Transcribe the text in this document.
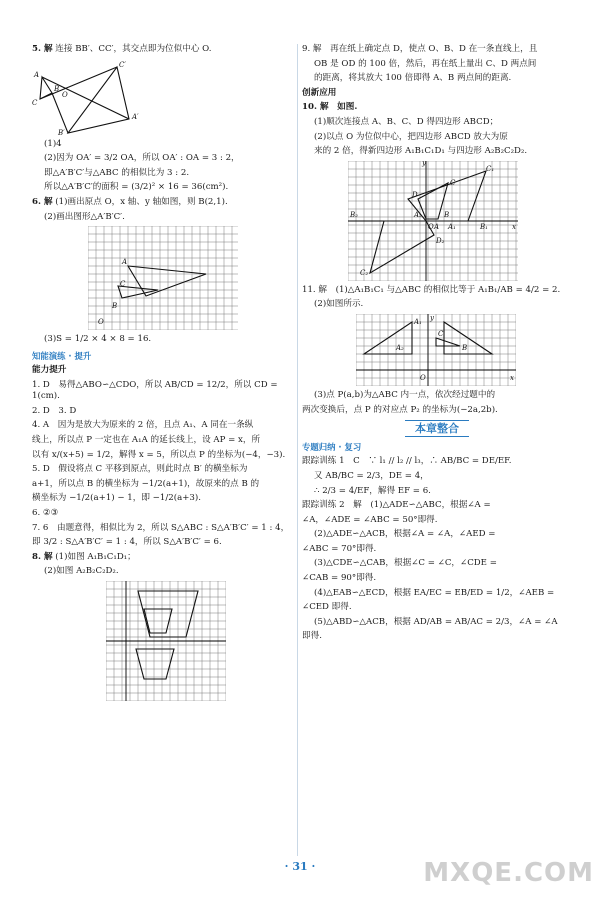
5. 解 连接 BB′、CC′，其交点即为位似中心 O.

C′
A
B
C
O
A′
B′

(1)4

(2)因为 OA′ = 3/2 OA，所以 OA′ : OA = 3 : 2，

即△A′B′C′与△ABC 的相似比为 3 : 2.

所以△A′B′C′的面积 = (3/2)² × 16 = 36(cm²).

6. 解 (1)画出原点 O，x 轴、y 轴如图，则 B(2,1).

(2)画出图形△A′B′C′.

A
C
B
O

(3)S = 1/2 × 4 × 8 = 16.

知能演练 · 提升
能力提升

1. D　易得△ABO∽△CDO，所以 AB/CD = 12/2，所以 CD = 1(cm).

2. D　3. D

4. A　因为是放大为原来的 2 倍，且点 A₁、A 同在一条纵

线上，所以点 P 一定也在 A₁A 的延长线上，设 AP = x，所

以有 x/(x+5) = 1/2，解得 x = 5，所以点 P 的坐标为(−4，−3).

5. D　假设将点 C 平移到原点，则此时点 B′ 的横坐标为

a+1，所以点 B 的横坐标为 −1/2(a+1)，故原来的点 B 的

横坐标为 −1/2(a+1) − 1，即 −1/2(a+3).

6. ②③

7. 6　由题意得，相似比为 2，所以 S△ABC : S△A′B′C′ = 1 : 4，

即 3/2 : S△A′B′C′ = 1 : 4，所以 S△A′B′C′ = 6.

8. 解 (1)如图 A₁B₁C₁D₁；

(2)如图 A₂B₂C₂D₂.

9. 解　再在纸上确定点 D，使点 O、B、D 在一条直线上，且

OB 是 OD 的 100 倍，然后，再在纸上量出 C、D 两点间

的距离，将其放大 100 倍即得 A、B 两点间的距离.

创新应用

10. 解　如图.

(1)顺次连接点 A、B、C、D 得四边形 ABCD；

(2)以点 O 为位似中心，把四边形 ABCD 放大为原

来的 2 倍，得新四边形 A₁B₁C₁D₁ 与四边形 A₂B₂C₂D₂.

y
C₁
D
C
A₂	B
A
O
B₂
A₁	B₁
D₂
C₂
x

11. 解　(1)△A₁B₁C₁ 与△ABC 的相似比等于 A₁B₁/AB = 4/2 = 2.

(2)如图所示.

y
A₁
A₂
C
B
O	x

(3)点 P(a,b)为△ABC 内一点，依次经过题中的

两次变换后，点 P 的对应点 P₂ 的坐标为(−2a,2b).

本章整合
专题归纳 · 复习

跟踪训练 1　C　∵ l₁ // l₂ // l₃，∴ AB/BC = DE/EF.

又 AB/BC = 2/3，DE = 4，

∴ 2/3 = 4/EF，解得 EF = 6.

跟踪训练 2　解　(1)△ADE∽△ABC，根据∠A =

∠A，∠ADE = ∠ABC = 50°即得.

(2)△ADE∽△ACB，根据∠A = ∠A，∠AED =

∠ABC = 70°即得.

(3)△CDE∽△CAB，根据∠C = ∠C，∠CDE =

∠CAB = 90°即得.

(4)△EAB∽△ECD，根据 EA/EC = EB/ED = 1/2，∠AEB =

∠CED 即得.

(5)△ABD∽△ACB，根据 AD/AB = AB/AC = 2/3，∠A = ∠A

即得.

· 31 ·	MXQE.COM
